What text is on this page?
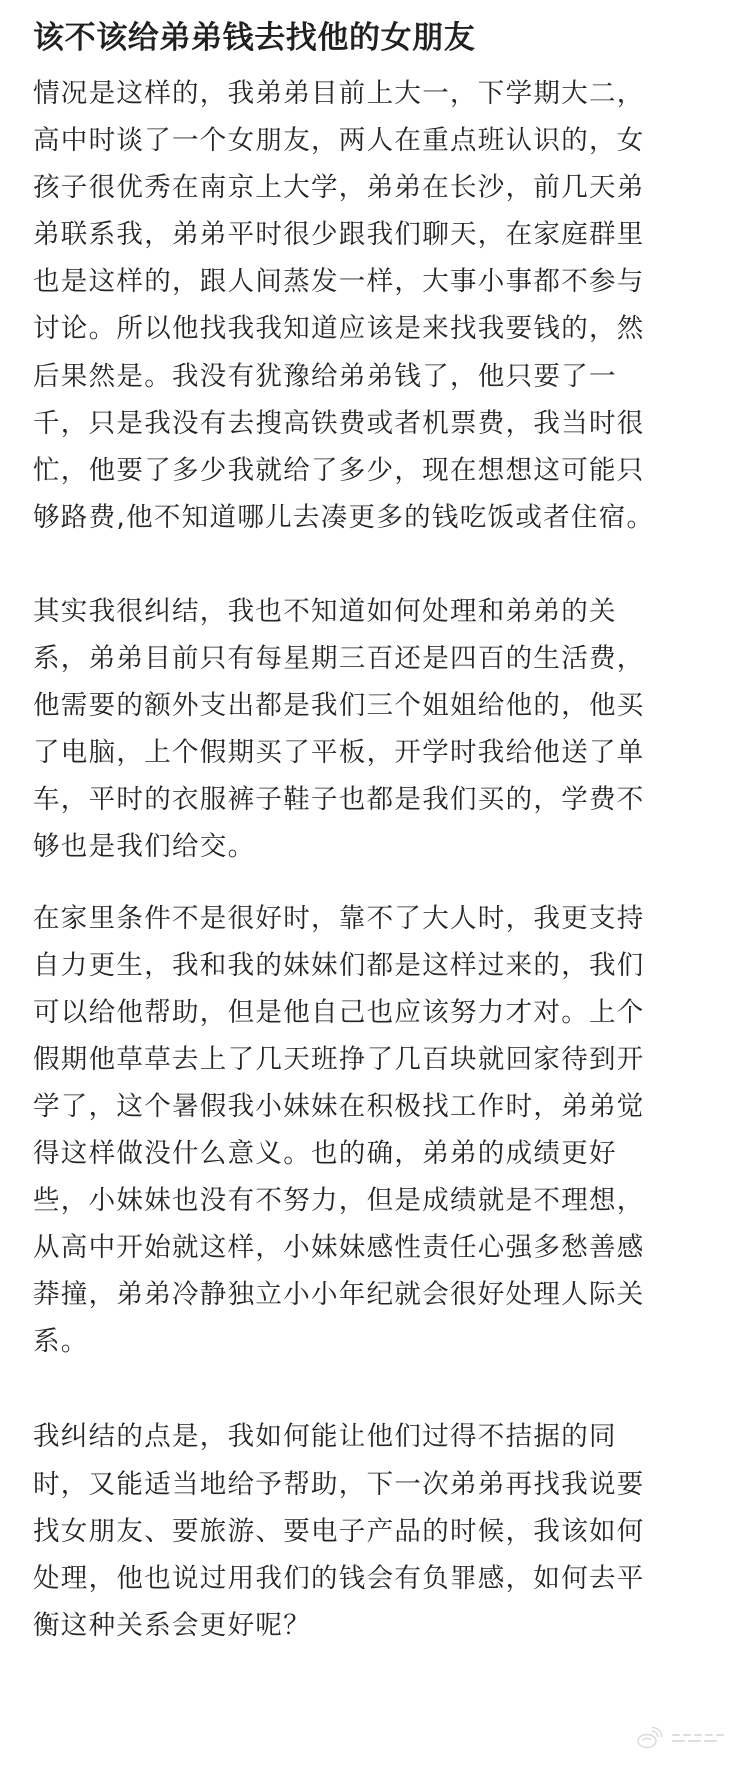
该不该给弟弟钱去找他的女朋友

情况是这样的，我弟弟目前上大一，下学期大二，
高中时谈了一个女朋友，两人在重点班认识的，女
孩子很优秀在南京上大学，弟弟在长沙，前几天弟
弟联系我，弟弟平时很少跟我们聊天，在家庭群里
也是这样的，跟人间蒸发一样，大事小事都不参与
讨论。所以他找我我知道应该是来找我要钱的，然
后果然是。我没有犹豫给弟弟钱了，他只要了一
千，只是我没有去搜高铁费或者机票费，我当时很
忙，他要了多少我就给了多少，现在想想这可能只
够路费,他不知道哪儿去凑更多的钱吃饭或者住宿。

其实我很纠结，我也不知道如何处理和弟弟的关
系，弟弟目前只有每星期三百还是四百的生活费，
他需要的额外支出都是我们三个姐姐给他的，他买
了电脑，上个假期买了平板，开学时我给他送了单
车，平时的衣服裤子鞋子也都是我们买的，学费不
够也是我们给交。

在家里条件不是很好时，靠不了大人时，我更支持
自力更生，我和我的妹妹们都是这样过来的，我们
可以给他帮助，但是他自己也应该努力才对。上个
假期他草草去上了几天班挣了几百块就回家待到开
学了，这个暑假我小妹妹在积极找工作时，弟弟觉
得这样做没什么意义。也的确，弟弟的成绩更好
些，小妹妹也没有不努力，但是成绩就是不理想，
从高中开始就这样，小妹妹感性责任心强多愁善感
莽撞，弟弟冷静独立小小年纪就会很好处理人际关
系。

我纠结的点是，我如何能让他们过得不拮据的同
时，又能适当地给予帮助，下一次弟弟再找我说要
找女朋友、要旅游、要电子产品的时候，我该如何
处理，他也说过用我们的钱会有负罪感，如何去平
衡这种关系会更好呢？
